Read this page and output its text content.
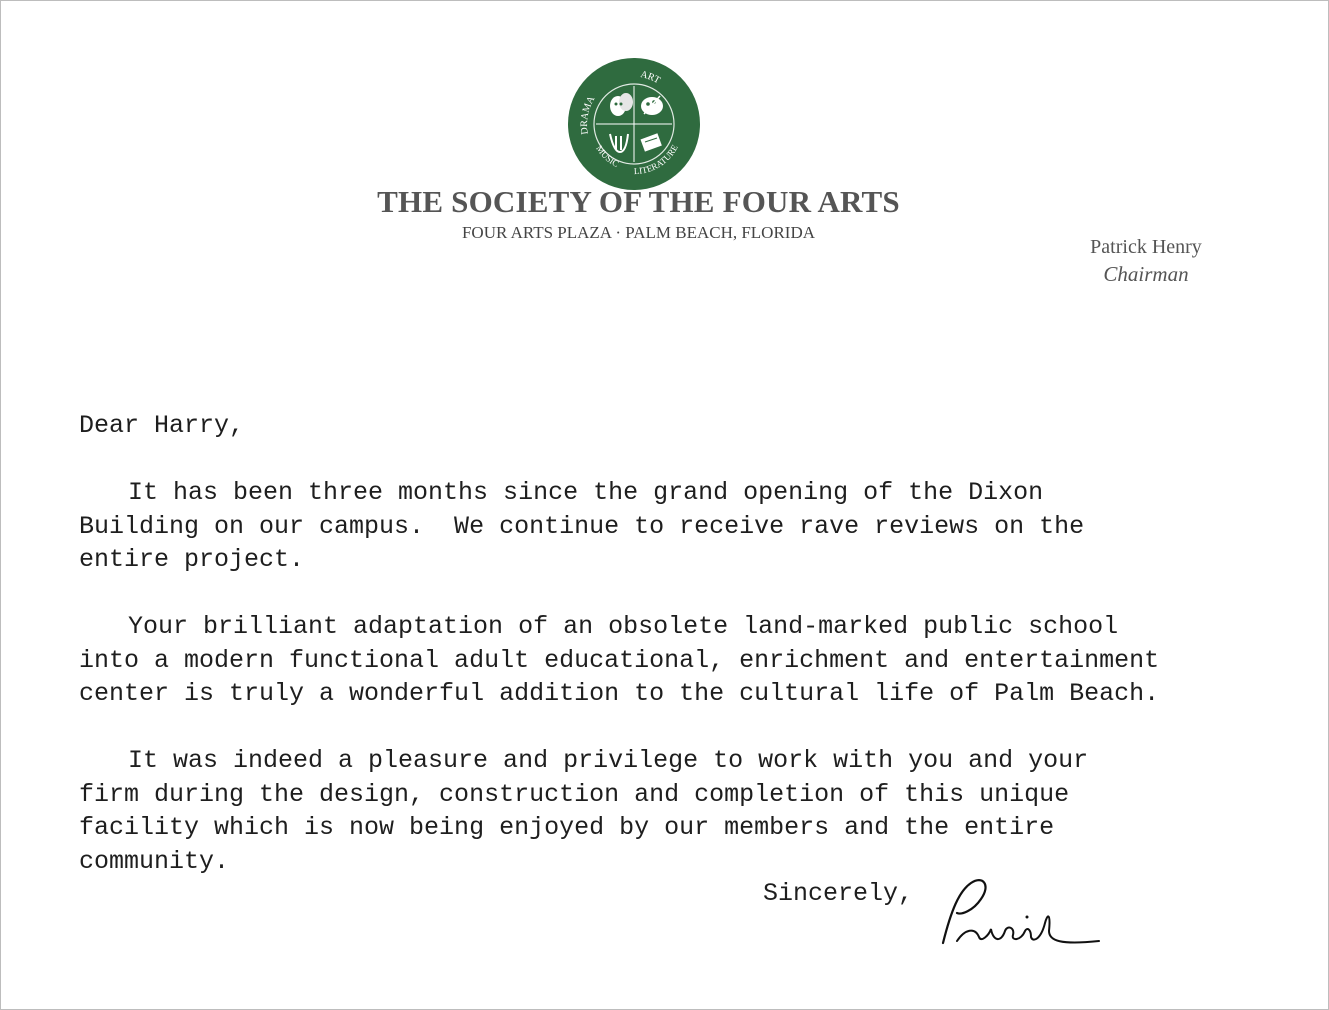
DRAMA
ART
MUSIC
LITERATURE
THE SOCIETY OF THE FOUR ARTS
FOUR ARTS PLAZA · PALM BEACH, FLORIDA
Patrick Henry
Chairman
Dear Harry,
It has been three months since the grand opening of the Dixon
Building on our campus.  We continue to receive rave reviews on the
entire project.
Your brilliant adaptation of an obsolete land-marked public school
into a modern functional adult educational, enrichment and entertainment
center is truly a wonderful addition to the cultural life of Palm Beach.
It was indeed a pleasure and privilege to work with you and your
firm during the design, construction and completion of this unique
facility which is now being enjoyed by our members and the entire
community.
Sincerely,
